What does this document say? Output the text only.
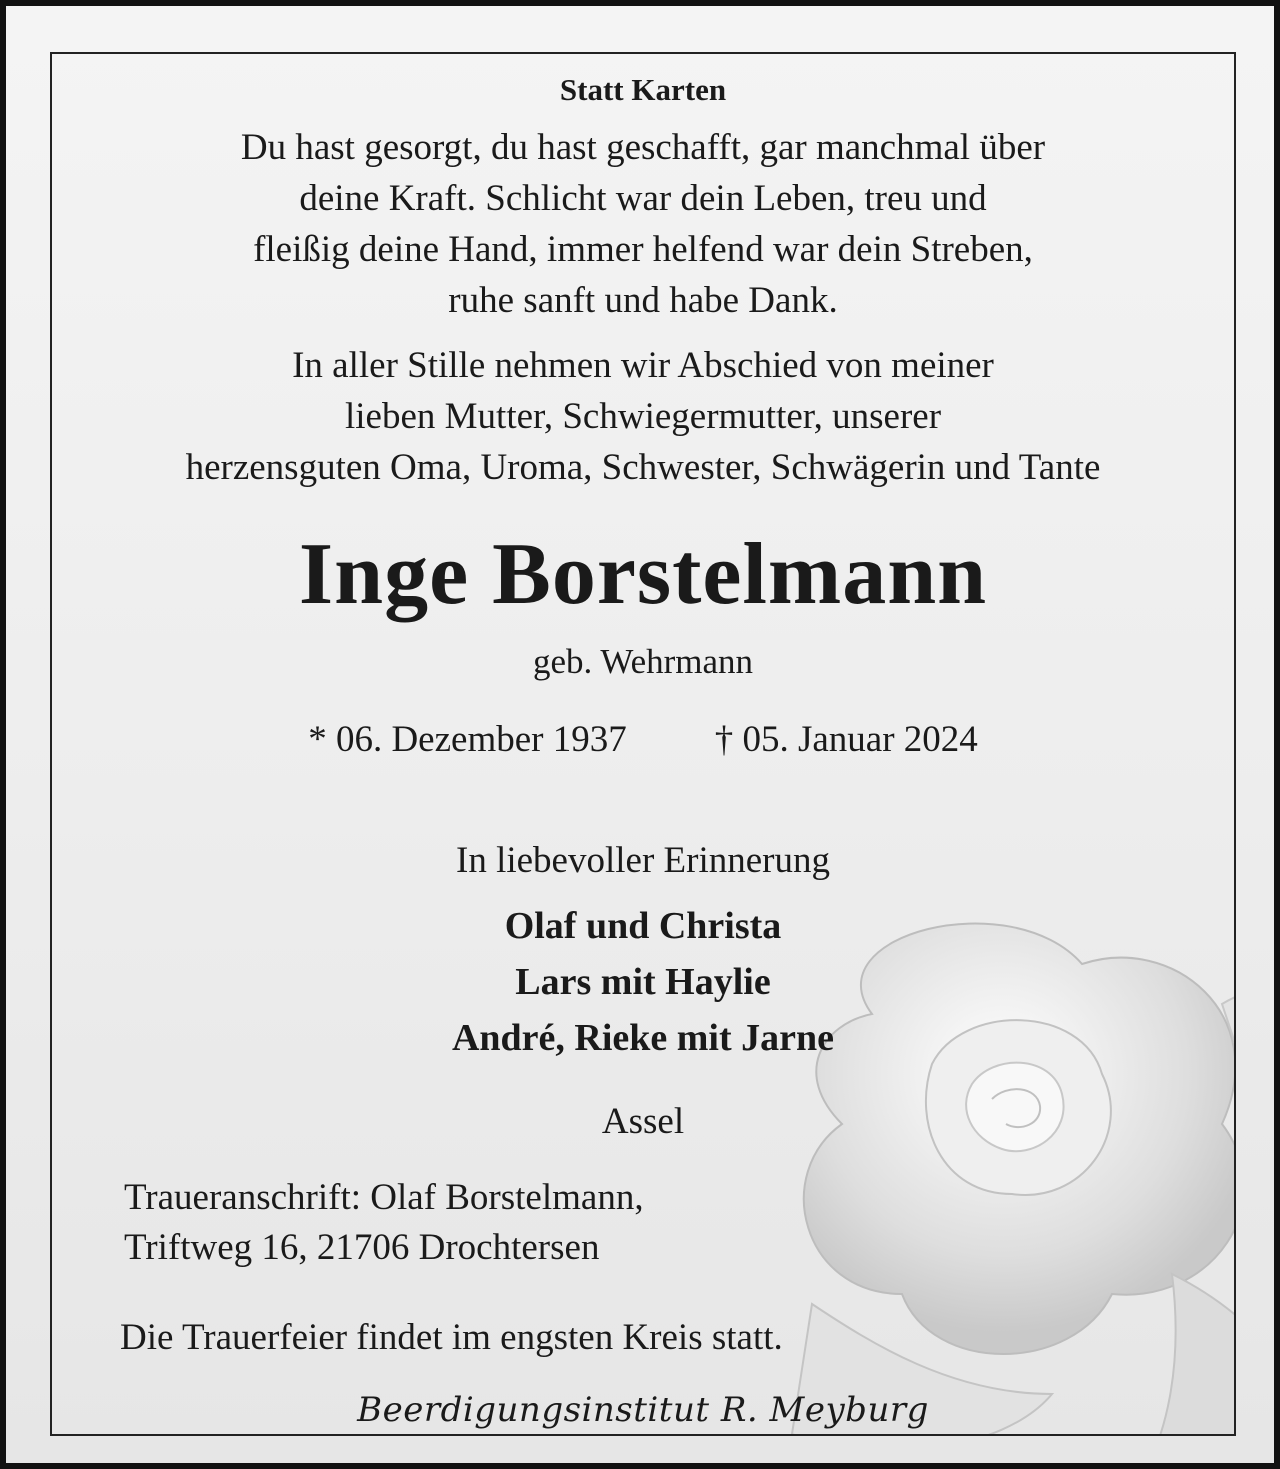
Statt Karten
Du hast gesorgt, du hast geschafft, gar manchmal über
deine Kraft. Schlicht war dein Leben, treu und
fleißig deine Hand, immer helfend war dein Streben,
ruhe sanft und habe Dank.
In aller Stille nehmen wir Abschied von meiner
lieben Mutter, Schwiegermutter, unserer
herzensguten Oma, Uroma, Schwester, Schwägerin und Tante
Inge Borstelmann
geb. Wehrmann
* 06. Dezember 1937 † 05. Januar 2024
In liebevoller Erinnerung
Olaf und Christa
Lars mit Haylie
André, Rieke mit Jarne
Assel
Traueranschrift: Olaf Borstelmann,
Triftweg 16, 21706 Drochtersen
Die Trauerfeier findet im engsten Kreis statt.
Beerdigungsinstitut R. Meyburg
